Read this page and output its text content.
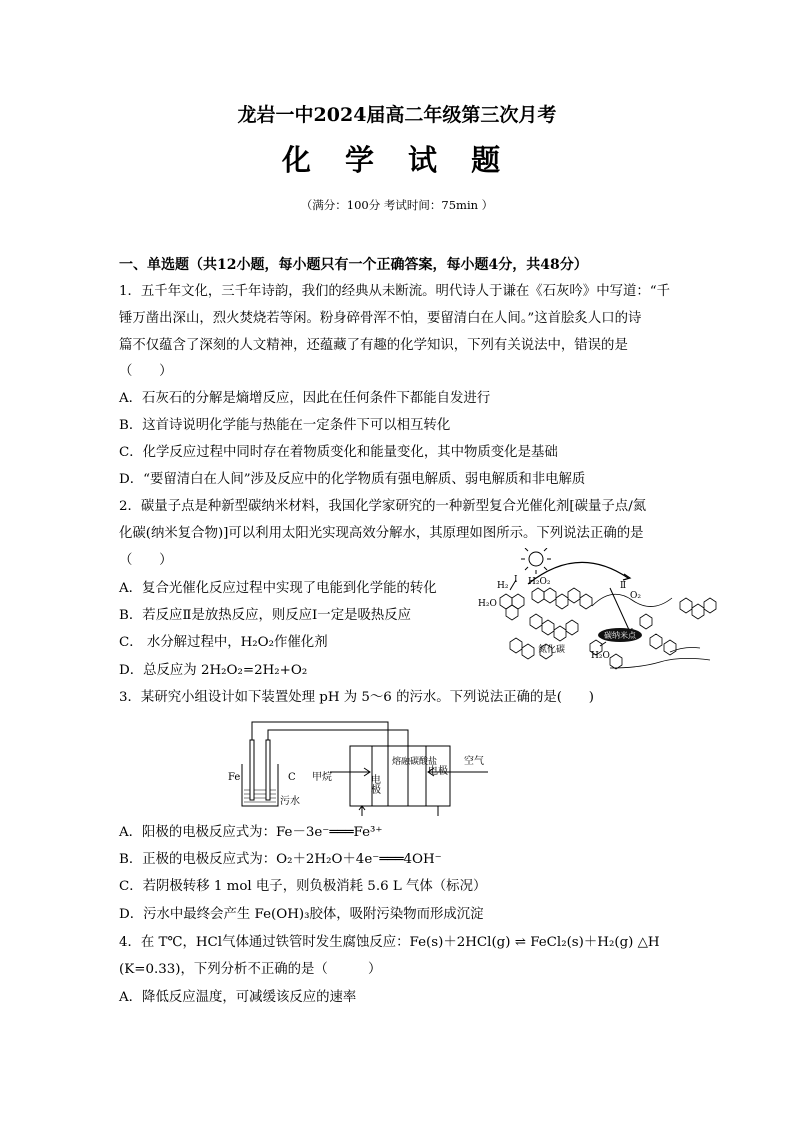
龙岩一中2024届高二年级第三次月考
化 学 试 题
（满分：100分 考试时间：75min ）
一、单选题（共12小题，每小题只有一个正确答案，每小题4分，共48分）
1．五千年文化，三千年诗韵，我们的经典从未断流。明代诗人于谦在《石灰吟》中写道：“千
锤万凿出深山，烈火焚烧若等闲。粉身碎骨浑不怕，要留清白在人间。”这首脍炙人口的诗
篇不仅蕴含了深刻的人文精神，还蕴藏了有趣的化学知识，下列有关说法中，错误的是
（　　）
A．石灰石的分解是熵增反应，因此在任何条件下都能自发进行
B．这首诗说明化学能与热能在一定条件下可以相互转化
C．化学反应过程中同时存在着物质变化和能量变化，其中物质变化是基础
D．“要留清白在人间”涉及反应中的化学物质有强电解质、弱电解质和非电解质
2．碳量子点是种新型碳纳米材料，我国化学家研究的一种新型复合光催化剂[碳量子点/氮
化碳(纳米复合物)]可以利用太阳光实现高效分解水，其原理如图所示。下列说法正确的是
（　　）
A．复合光催化反应过程中实现了电能到化学能的转化
B．若反应Ⅱ是放热反应，则反应Ⅰ一定是吸热反应
C． 水分解过程中，H₂O₂作催化剂
D．总反应为 2H₂O₂=2H₂+O₂
3．某研究小组设计如下装置处理 pH 为 5～6 的污水。下列说法正确的是(　　)
A．阳极的电极反应式为：Fe－3e⁻═══Fe³⁺
B．正极的电极反应式为：O₂＋2H₂O＋4e⁻═══4OH⁻
C．若阴极转移 1 mol 电子，则负极消耗 5.6 L 气体（标况）
D．污水中最终会产生 Fe(OH)₃胶体，吸附污染物而形成沉淀
4．在 T℃，HCl气体通过铁管时发生腐蚀反应：Fe(s)＋2HCl(g) ⇌ FeCl₂(s)＋H₂(g) △H
(K=0.33)，下列分析不正确的是（　　　）
A．降低反应温度，可减缓该反应的速率
H₂
Ⅰ H₂O₂
H₂O
Ⅱ
O₂
碳纳米点
氮化碳
H₂O
Fe	C
污水
甲烷	电极
熔融碳酸盐
电极
空气
